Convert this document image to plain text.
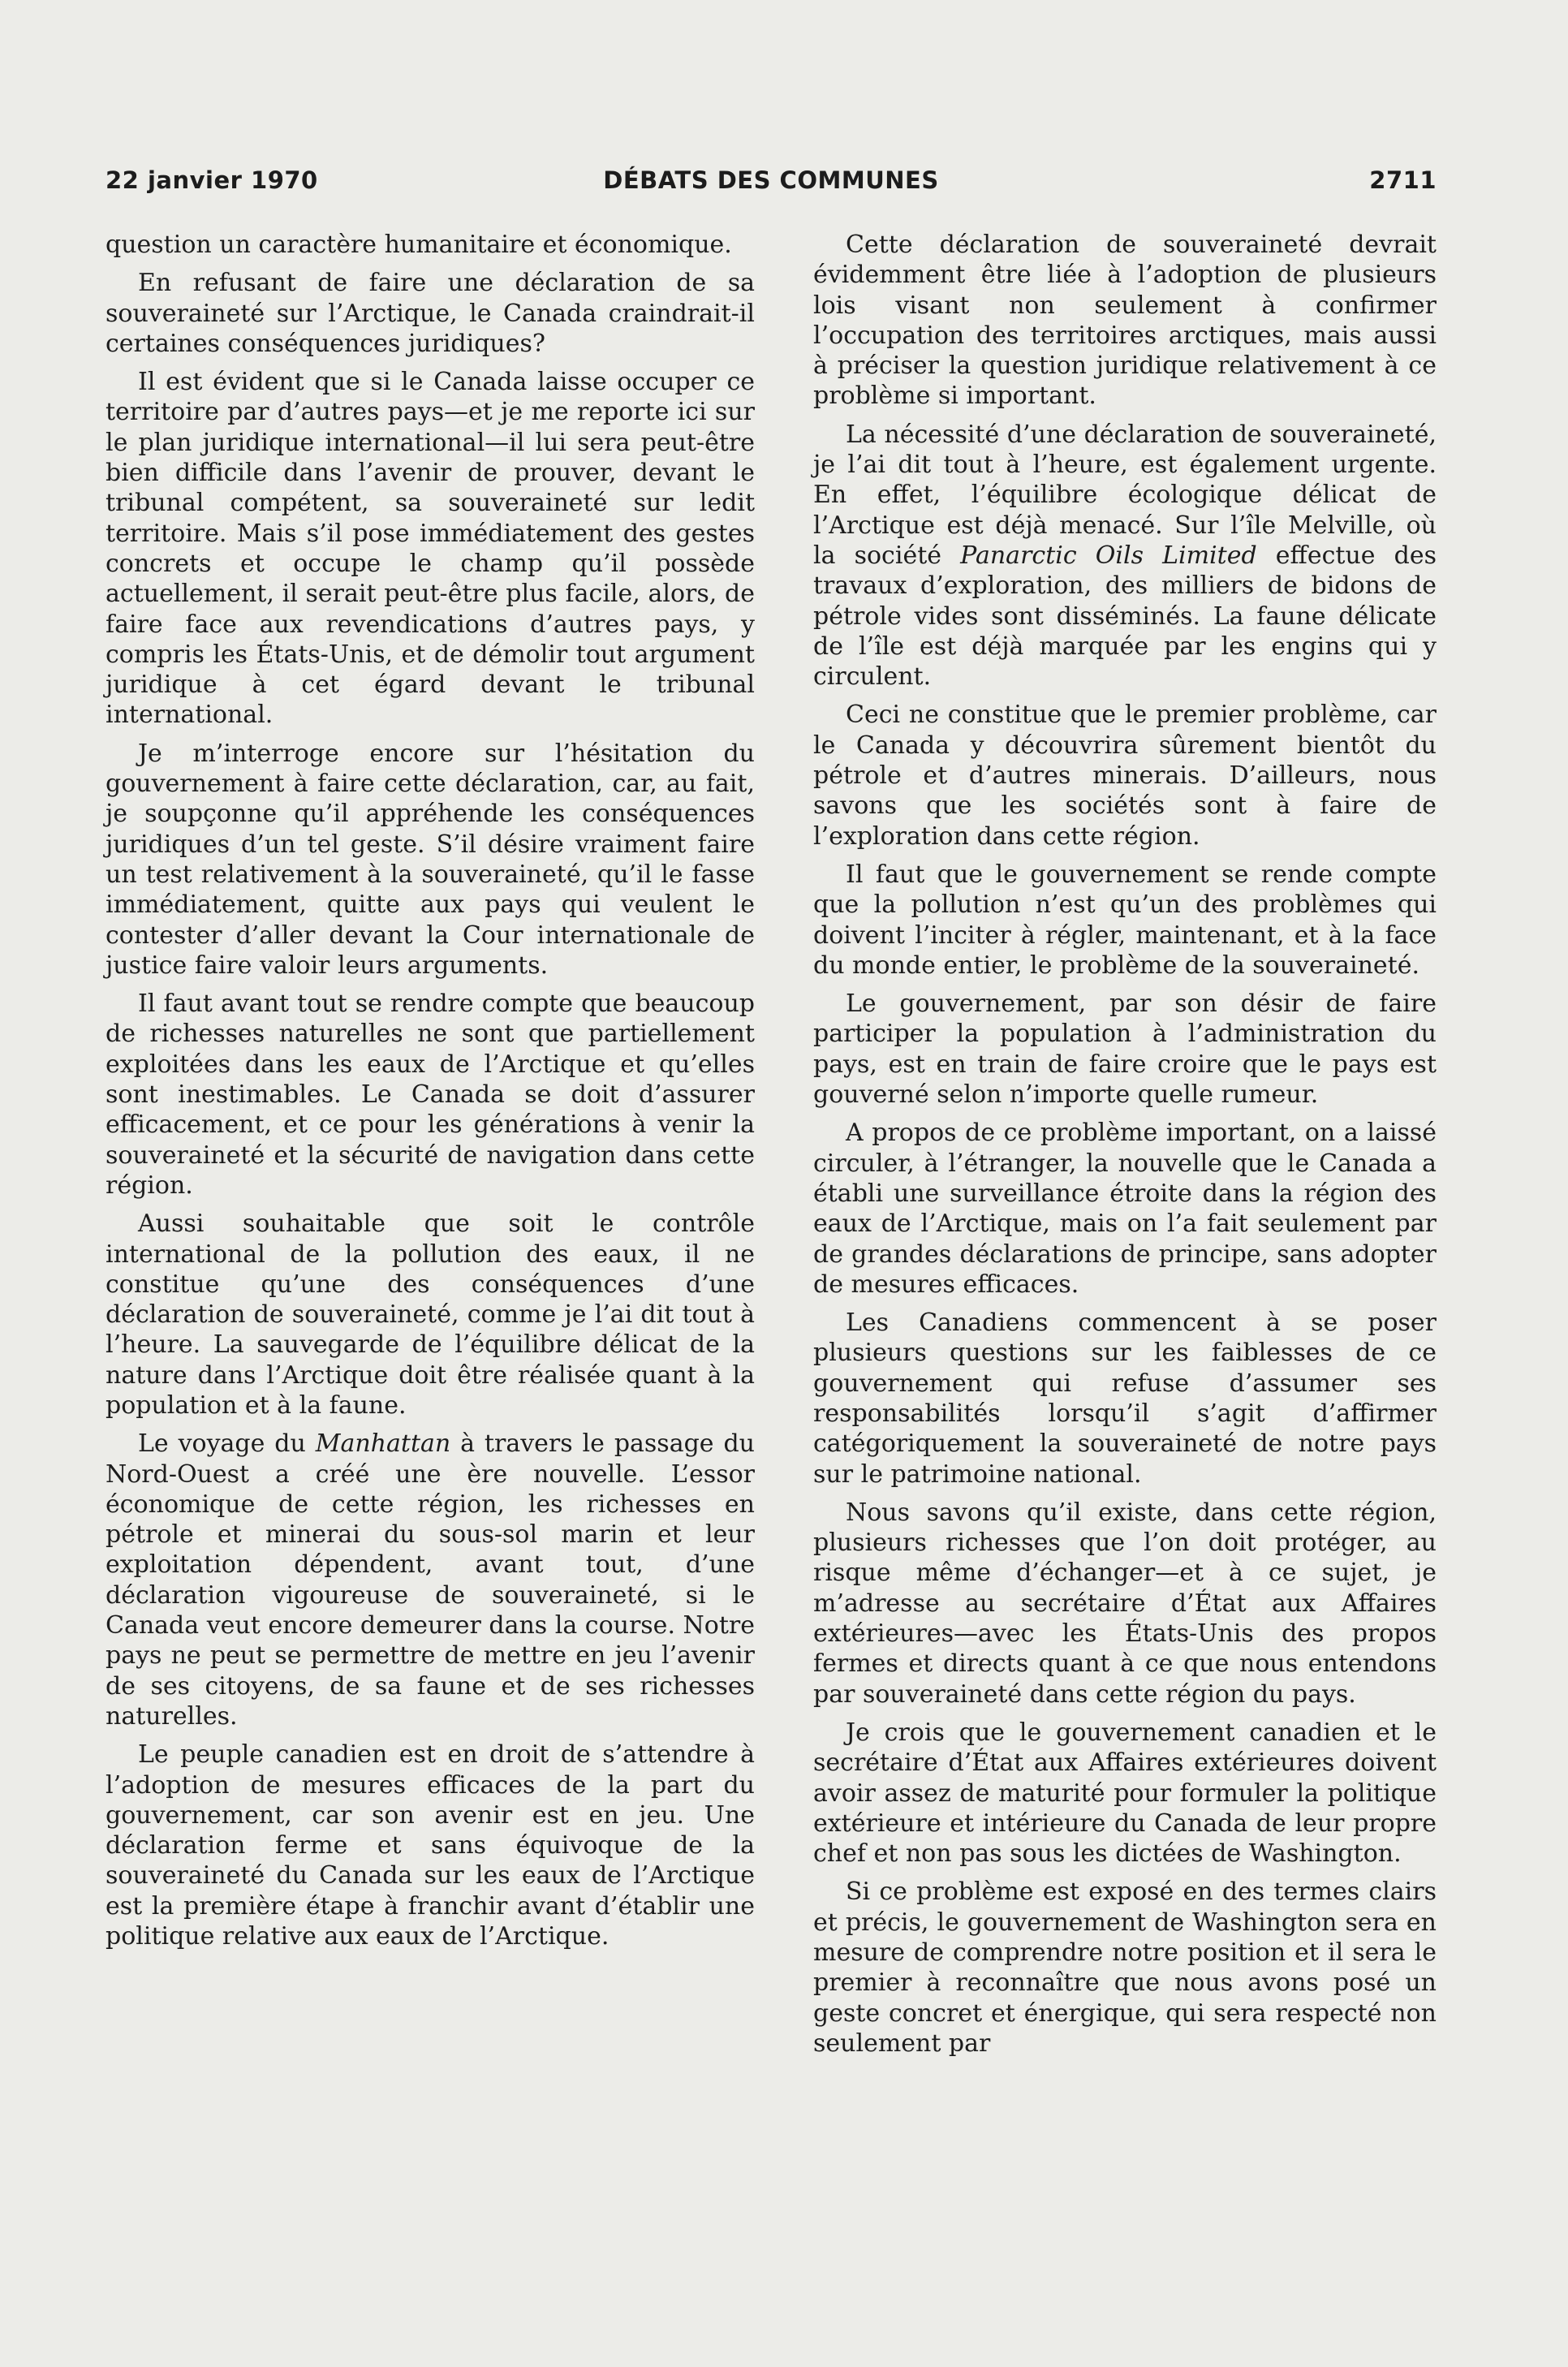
22 janvier 1970	DÉBATS DES COMMUNES	2711

question un caractère humanitaire et économique.

En refusant de faire une déclaration de sa souveraineté sur l’Arctique, le Canada craindrait-il certaines conséquences juridiques?

Il est évident que si le Canada laisse occuper ce territoire par d’autres pays—et je me reporte ici sur le plan juridique international—il lui sera peut-être bien difficile dans l’avenir de prouver, devant le tribunal compétent, sa souveraineté sur ledit territoire. Mais s’il pose immédiatement des gestes concrets et occupe le champ qu’il possède actuellement, il serait peut-être plus facile, alors, de faire face aux revendications d’autres pays, y compris les États-Unis, et de démolir tout argument juridique à cet égard devant le tribunal international.

Je m’interroge encore sur l’hésitation du gouvernement à faire cette déclaration, car, au fait, je soupçonne qu’il appréhende les conséquences juridiques d’un tel geste. S’il désire vraiment faire un test relativement à la souveraineté, qu’il le fasse immédiatement, quitte aux pays qui veulent le contester d’aller devant la Cour internationale de justice faire valoir leurs arguments.

Il faut avant tout se rendre compte que beaucoup de richesses naturelles ne sont que partiellement exploitées dans les eaux de l’Arctique et qu’elles sont inestimables. Le Canada se doit d’assurer efficacement, et ce pour les générations à venir la souveraineté et la sécurité de navigation dans cette région.

Aussi souhaitable que soit le contrôle international de la pollution des eaux, il ne constitue qu’une des conséquences d’une déclaration de souveraineté, comme je l’ai dit tout à l’heure. La sauvegarde de l’équilibre délicat de la nature dans l’Arctique doit être réalisée quant à la population et à la faune.

Le voyage du Manhattan à travers le passage du Nord-Ouest a créé une ère nouvelle. L’essor économique de cette région, les richesses en pétrole et minerai du sous-sol marin et leur exploitation dépendent, avant tout, d’une déclaration vigoureuse de souveraineté, si le Canada veut encore demeurer dans la course. Notre pays ne peut se permettre de mettre en jeu l’avenir de ses citoyens, de sa faune et de ses richesses naturelles.

Le peuple canadien est en droit de s’attendre à l’adoption de mesures efficaces de la part du gouvernement, car son avenir est en jeu. Une déclaration ferme et sans équivoque de la souveraineté du Canada sur les eaux de l’Arctique est la première étape à franchir avant d’établir une politique relative aux eaux de l’Arctique.

Cette déclaration de souveraineté devrait évidemment être liée à l’adoption de plusieurs lois visant non seulement à confirmer l’occupation des territoires arctiques, mais aussi à préciser la question juridique relativement à ce problème si important.

La nécessité d’une déclaration de souveraineté, je l’ai dit tout à l’heure, est également urgente. En effet, l’équilibre écologique délicat de l’Arctique est déjà menacé. Sur l’île Melville, où la société Panarctic Oils Limited effectue des travaux d’exploration, des milliers de bidons de pétrole vides sont disséminés. La faune délicate de l’île est déjà marquée par les engins qui y circulent.

Ceci ne constitue que le premier problème, car le Canada y découvrira sûrement bientôt du pétrole et d’autres minerais. D’ailleurs, nous savons que les sociétés sont à faire de l’exploration dans cette région.

Il faut que le gouvernement se rende compte que la pollution n’est qu’un des problèmes qui doivent l’inciter à régler, maintenant, et à la face du monde entier, le problème de la souveraineté.

Le gouvernement, par son désir de faire participer la population à l’administration du pays, est en train de faire croire que le pays est gouverné selon n’importe quelle rumeur.

A propos de ce problème important, on a laissé circuler, à l’étranger, la nouvelle que le Canada a établi une surveillance étroite dans la région des eaux de l’Arctique, mais on l’a fait seulement par de grandes déclarations de principe, sans adopter de mesures efficaces.

Les Canadiens commencent à se poser plusieurs questions sur les faiblesses de ce gouvernement qui refuse d’assumer ses responsabilités lorsqu’il s’agit d’affirmer catégoriquement la souveraineté de notre pays sur le patrimoine national.

Nous savons qu’il existe, dans cette région, plusieurs richesses que l’on doit protéger, au risque même d’échanger—et à ce sujet, je m’adresse au secrétaire d’État aux Affaires extérieures—avec les États-Unis des propos fermes et directs quant à ce que nous entendons par souveraineté dans cette région du pays.

Je crois que le gouvernement canadien et le secrétaire d’État aux Affaires extérieures doivent avoir assez de maturité pour formuler la politique extérieure et intérieure du Canada de leur propre chef et non pas sous les dictées de Washington.

Si ce problème est exposé en des termes clairs et précis, le gouvernement de Washington sera en mesure de comprendre notre position et il sera le premier à reconnaître que nous avons posé un geste concret et énergique, qui sera respecté non seulement par
